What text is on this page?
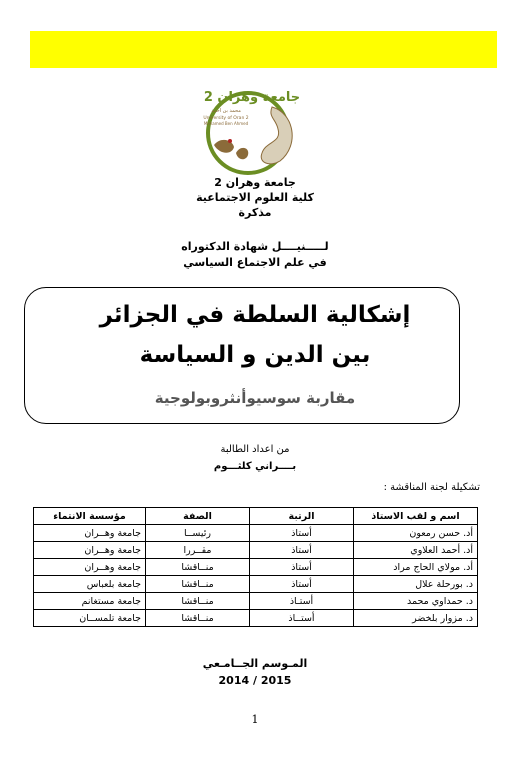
جامعة وهران 2
محمد بن احمد
University of Oran 2
Mohamed Ben Ahmed
جامعة وهران 2
كلية العلوم الاجتماعية
مذكرة
لـــــنيــــل شهادة الدكتوراه
في علم الاجتماع السياسي
إشكالية السلطة في الجزائر
بين الدين و السياسة
مقاربة سوسيوأنثروبولوجية
من اعداد الطالبة
بــــراني كلثـــوم
تشكيلة لجنة المناقشة :
اسم و لقب الاستاذ	الرتبة	الصفة	مؤسسة الانتماء
أد. حسن رمعون	أستاذ	رئيســا	جامعة وهــران
أد. أحمد العلاوي	أستاذ	مقــررا	جامعة وهــران
أد. مولاي الحاج مراد	أستاذ	منــاقشا	جامعة وهــران
د. بورحلة علال	أستاذ	منــاقشا	جامعة بلعباس
د. حمداوي محمد	أستـاذ	منــاقشا	جامعة مستغانم
د. مزوار بلخضر	أستــاذ	منــاقشا	جامعة تلمســان
المـوسم الجــامـعي
2015 / 2014
1
